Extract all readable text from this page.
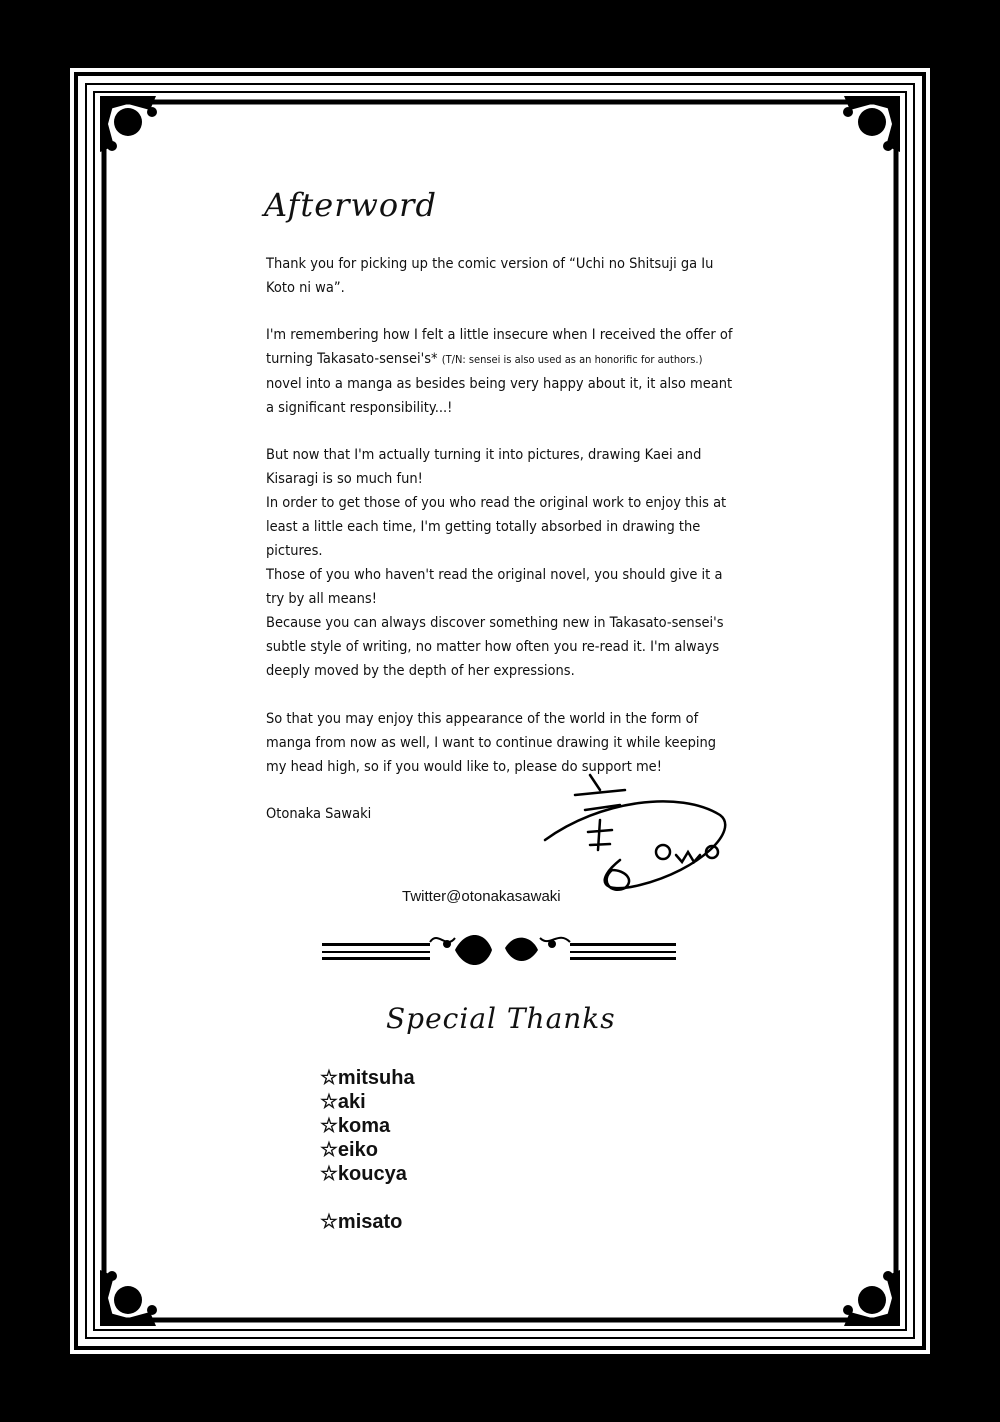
Afterword
Thank you for picking up the comic version of “Uchi no Shitsuji ga Iu Koto ni wa”.
I'm remembering how I felt a little insecure when I received the offer of turning Takasato-sensei's* (T/N: sensei is also used as an honorific for authors.) novel into a manga as besides being very happy about it, it also meant a significant responsibility...!
But now that I'm actually turning it into pictures, drawing Kaei and Kisaragi is so much fun!
In order to get those of you who read the original work to enjoy this at least a little each time, I'm getting totally absorbed in drawing the pictures.
Those of you who haven't read the original novel, you should give it a try by all means!
Because you can always discover something new in Takasato-sensei's subtle style of writing, no matter how often you re-read it. I'm always deeply moved by the depth of her expressions.
So that you may enjoy this appearance of the world in the form of manga from now as well, I want to continue drawing it while keeping my head high, so if you would like to, please do support me!
Otonaka Sawaki
Twitter@otonakasawaki
Special Thanks
☆mitsuha
☆aki
☆koma
☆eiko
☆koucya
☆misato
